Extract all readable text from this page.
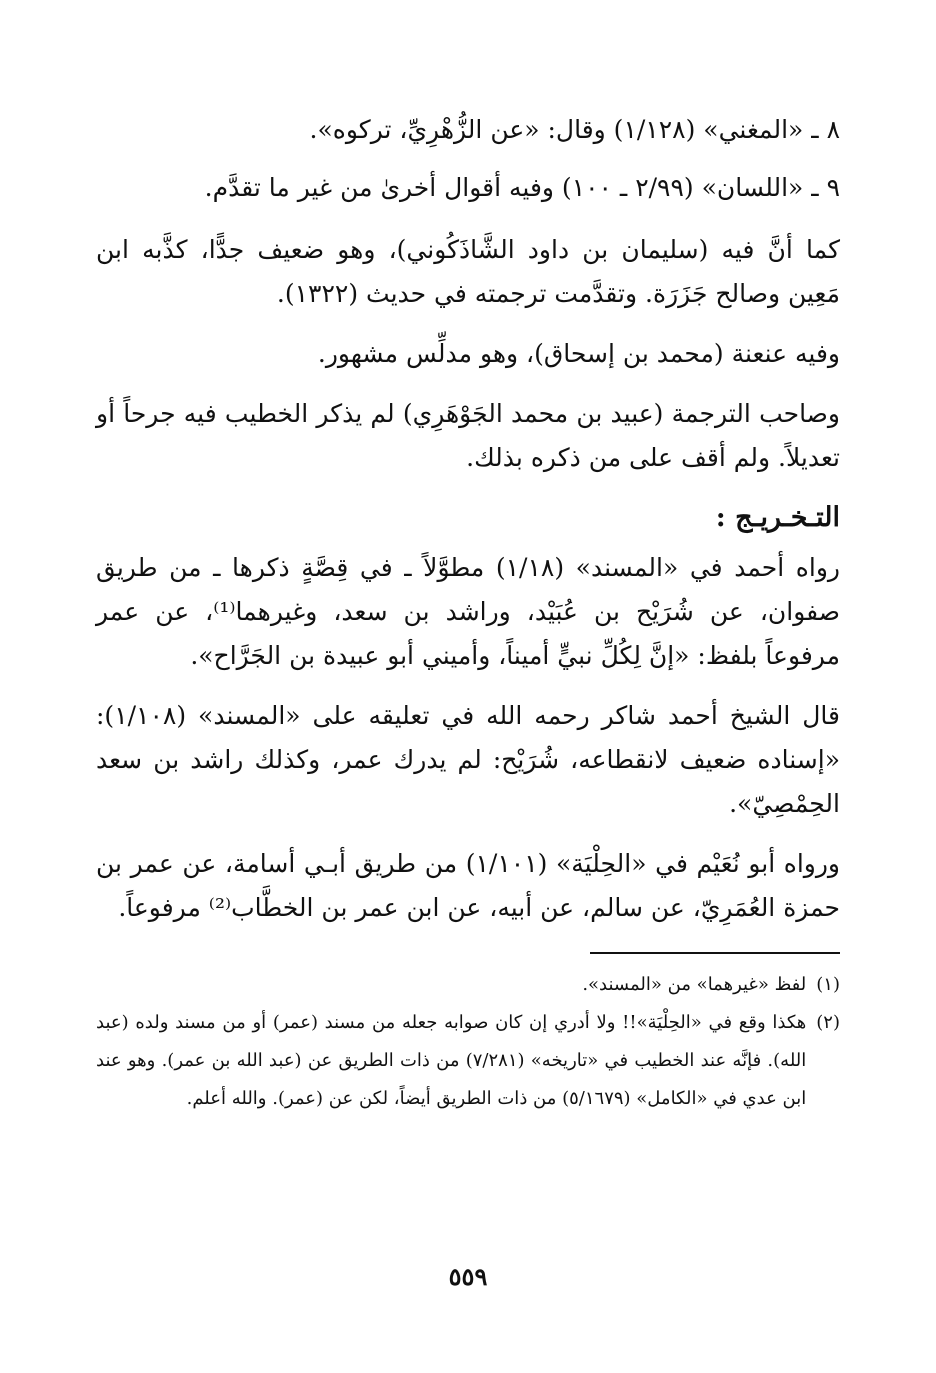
٨ ـ «المغني» (١/١٢٨) وقال: «عن الزُّهْرِيِّ، تركوه».

٩ ـ «اللسان» (٢/٩٩ ـ ١٠٠) وفيه أقوال أخرىٰ من غير ما تقدَّم.

كما أنَّ فيه (سليمان بن داود الشَّاذَكُوني)، وهو ضعيف جدًّا، كذَّبه ابن مَعِين وصالح جَزَرَة. وتقدَّمت ترجمته في حديث (١٣٢٢).

وفيه عنعنة (محمد بن إسحاق)، وهو مدلِّس مشهور.

وصاحب الترجمة (عبيد بن محمد الجَوْهَرِي) لم يذكر الخطيب فيه جرحاً أو تعديلاً. ولم أقف على من ذكره بذلك.

التـخـريـج :

رواه أحمد في «المسند» (١/١٨) مطوَّلاً ـ في قِصَّةٍ ذكرها ـ من طريق صفوان، عن شُرَيْح بن عُبَيْد، وراشد بن سعد، وغيرهما⁽¹⁾، عن عمر مرفوعاً بلفظ: «إنَّ لِكُلِّ نبيٍّ أميناً، وأميني أبو عبيدة بن الجَرَّاح».

قال الشيخ أحمد شاكر رحمه الله في تعليقه على «المسند» (١/١٠٨): «إسناده ضعيف لانقطاعه، شُرَيْح: لم يدرك عمر، وكذلك راشد بن سعد الحِمْصِيّ».

ورواه أبو نُعَيْم في «الحِلْيَة» (١/١٠١) من طريق أبـي أسامة، عن عمر بن حمزة العُمَرِيّ، عن سالم، عن أبيه، عن ابن عمر بن الخطَّاب⁽²⁾ مرفوعاً.

(١)
لفظ «غيرهما» من «المسند».

(٢)
هكذا وقع في «الحِلْيَة»!! ولا أدري إن كان صوابه جعله من مسند (عمر) أو من مسند ولده (عبد الله). فإنَّه عند الخطيب في «تاريخه» (٧/٢٨١) من ذات الطريق عن (عبد الله بن عمر). وهو عند ابن عدي في «الكامل» (٥/١٦٧٩) من ذات الطريق أيضاً، لكن عن (عمر). والله أعلم.

٥٥٩
